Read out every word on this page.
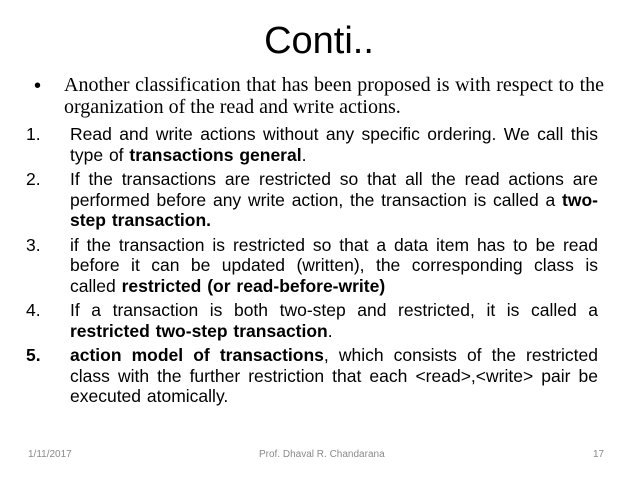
Conti..
• Another classification that has been proposed is with respect to the organization of the read and write actions.
1.	Read and write actions without any specific ordering. We call this type of transactions general.
2.	If the transactions are restricted so that all the read actions are performed before any write action, the transaction is called a two-step transaction.
3.	if the transaction is restricted so that a data item has to be read before it can be updated (written), the corresponding class is called restricted (or read-before-write)
4.	If a transaction is both two-step and restricted, it is called a restricted two-step transaction.
5.	action model of transactions, which consists of the restricted class with the further restriction that each <read>,<write> pair be executed atomically.
1/11/2017	Prof. Dhaval R. Chandarana	17
